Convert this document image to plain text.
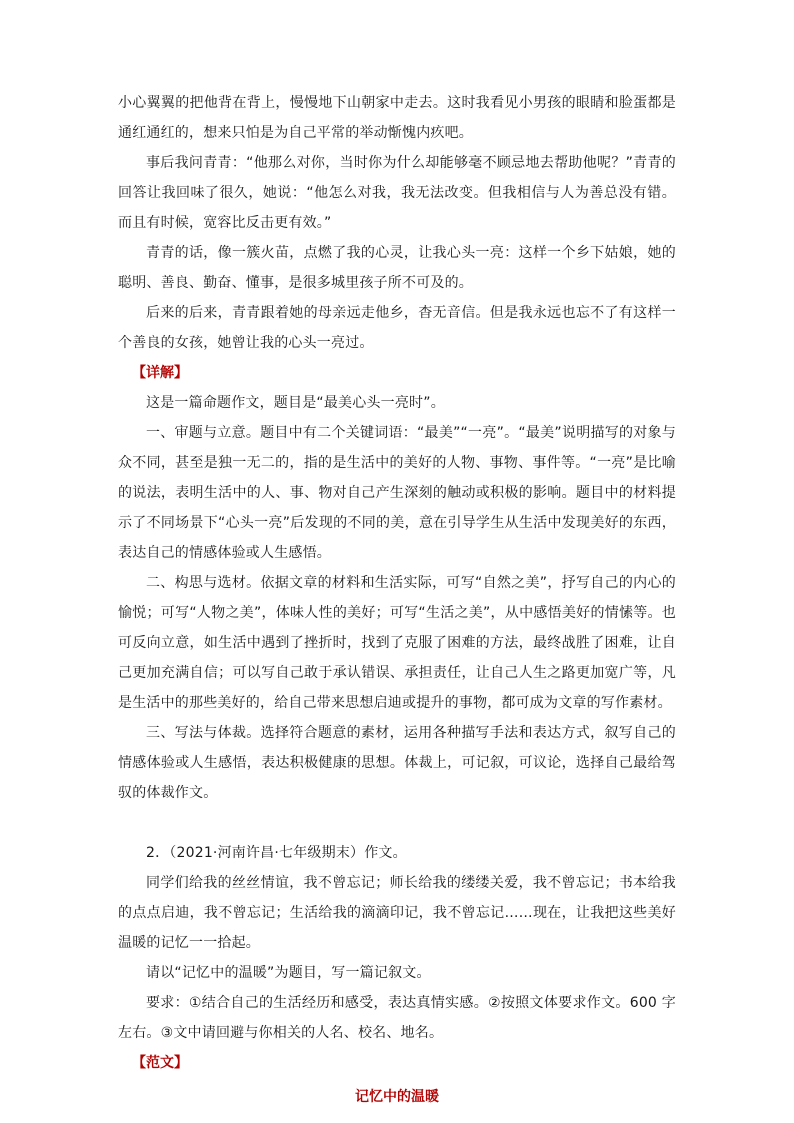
小心翼翼的把他背在背上，慢慢地下山朝家中走去。这时我看见小男孩的眼睛和脸蛋都是通红通红的，想来只怕是为自己平常的举动惭愧内疚吧。

事后我问青青：“他那么对你，当时你为什么却能够毫不顾忌地去帮助他呢？”青青的回答让我回味了很久，她说：“他怎么对我，我无法改变。但我相信与人为善总没有错。而且有时候，宽容比反击更有效。”

青青的话，像一簇火苗，点燃了我的心灵，让我心头一亮：这样一个乡下姑娘，她的聪明、善良、勤奋、懂事，是很多城里孩子所不可及的。

后来的后来，青青跟着她的母亲远走他乡，杳无音信。但是我永远也忘不了有这样一个善良的女孩，她曾让我的心头一亮过。

【详解】

这是一篇命题作文，题目是“最美心头一亮时”。

一、审题与立意。题目中有二个关键词语：“最美”“一亮”。“最美”说明描写的对象与众不同，甚至是独一无二的，指的是生活中的美好的人物、事物、事件等。“一亮”是比喻的说法，表明生活中的人、事、物对自己产生深刻的触动或积极的影响。题目中的材料提示了不同场景下“心头一亮”后发现的不同的美，意在引导学生从生活中发现美好的东西，表达自己的情感体验或人生感悟。

二、构思与选材。依据文章的材料和生活实际，可写“自然之美”，抒写自己的内心的愉悦；可写“人物之美”，体味人性的美好；可写“生活之美”，从中感悟美好的情愫等。也可反向立意，如生活中遇到了挫折时，找到了克服了困难的方法，最终战胜了困难，让自己更加充满自信；可以写自己敢于承认错误、承担责任，让自己人生之路更加宽广等，凡是生活中的那些美好的，给自己带来思想启迪或提升的事物，都可成为文章的写作素材。

三、写法与体裁。选择符合题意的素材，运用各种描写手法和表达方式，叙写自己的情感体验或人生感悟，表达积极健康的思想。体裁上，可记叙，可议论，选择自己最给驾驭的体裁作文。

2．（2021·河南许昌·七年级期末）作文。

同学们给我的丝丝情谊，我不曾忘记；师长给我的缕缕关爱，我不曾忘记；书本给我的点点启迪，我不曾忘记；生活给我的滴滴印记，我不曾忘记……现在，让我把这些美好温暖的记忆一一拾起。

请以“记忆中的温暖”为题目，写一篇记叙文。

要求：①结合自己的生活经历和感受，表达真情实感。②按照文体要求作文。600 字左右。③文中请回避与你相关的人名、校名、地名。

【范文】
记忆中的温暖
